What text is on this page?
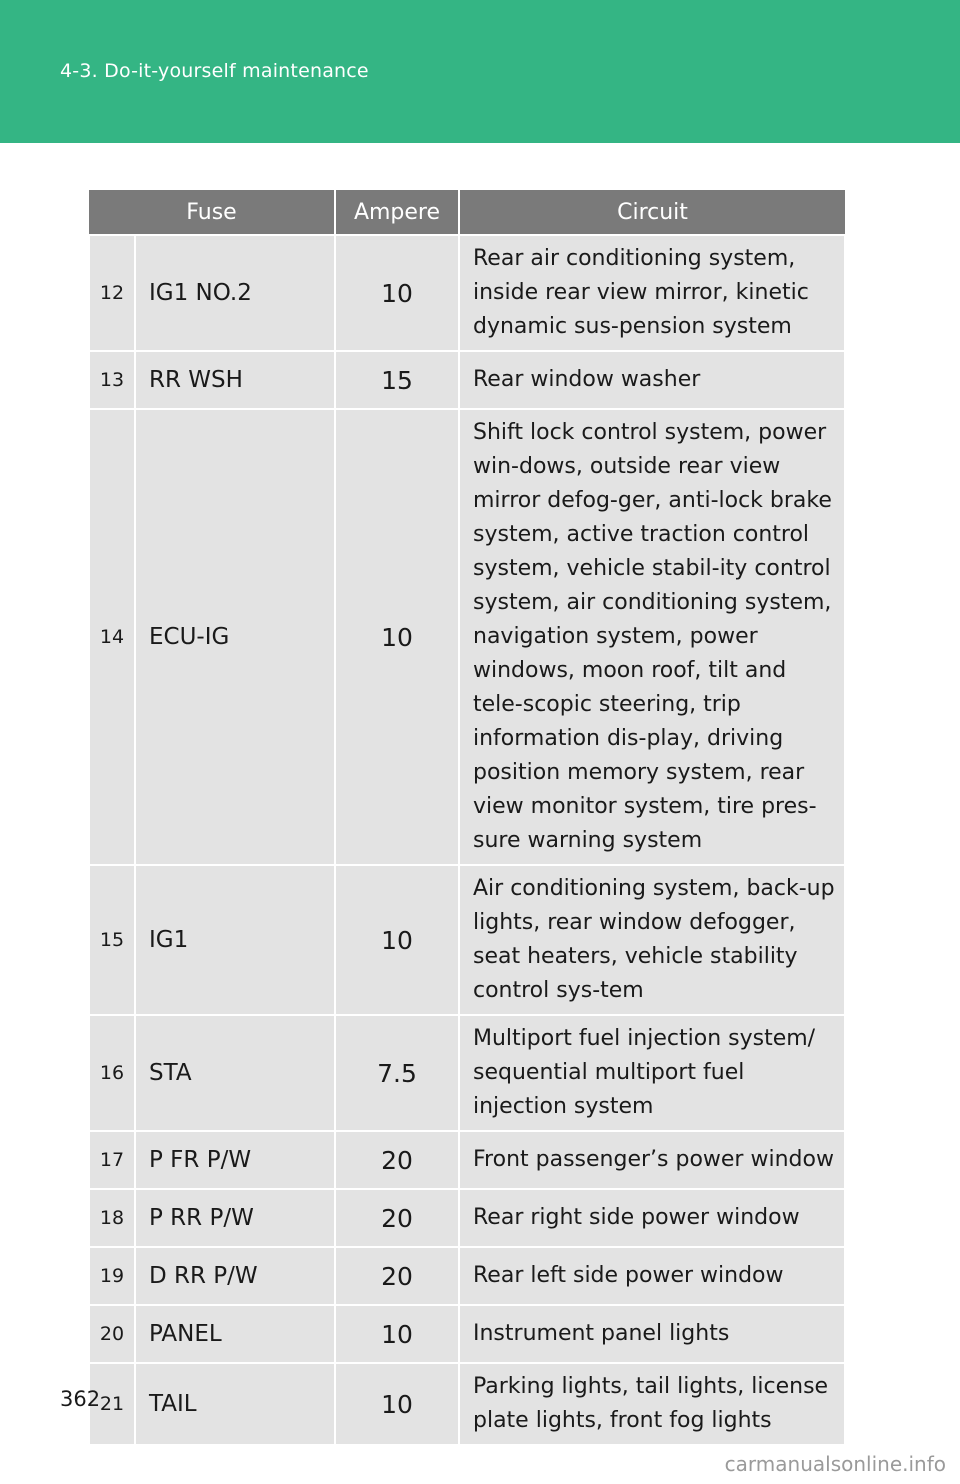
4-3. Do-it-yourself maintenance
Fuse		Ampere	Circuit
12	IG1 NO.2	10	Rear air conditioning system, inside rear view mirror, kinetic dynamic sus-pension system
13	RR WSH	15	Rear window washer
14	ECU-IG	10	Shift lock control system, power win-dows, outside rear view mirror defog-ger, anti-lock brake system, active traction control system, vehicle stabil-ity control system, air conditioning system, navigation system, power windows, moon roof, tilt and tele-scopic steering, trip information dis-play, driving position memory system, rear view monitor system, tire pres-sure warning system
15	IG1	10	Air conditioning system, back-up lights, rear window defogger, seat heaters, vehicle stability control sys-tem
16	STA	7.5	Multiport fuel injection system/ sequential multiport fuel injection system
17	P FR P/W	20	Front passenger’s power window
18	P RR P/W	20	Rear right side power window
19	D RR P/W	20	Rear left side power window
20	PANEL	10	Instrument panel lights
21	TAIL	10	Parking lights, tail lights, license plate lights, front fog lights
362
carmanualsonline.info
